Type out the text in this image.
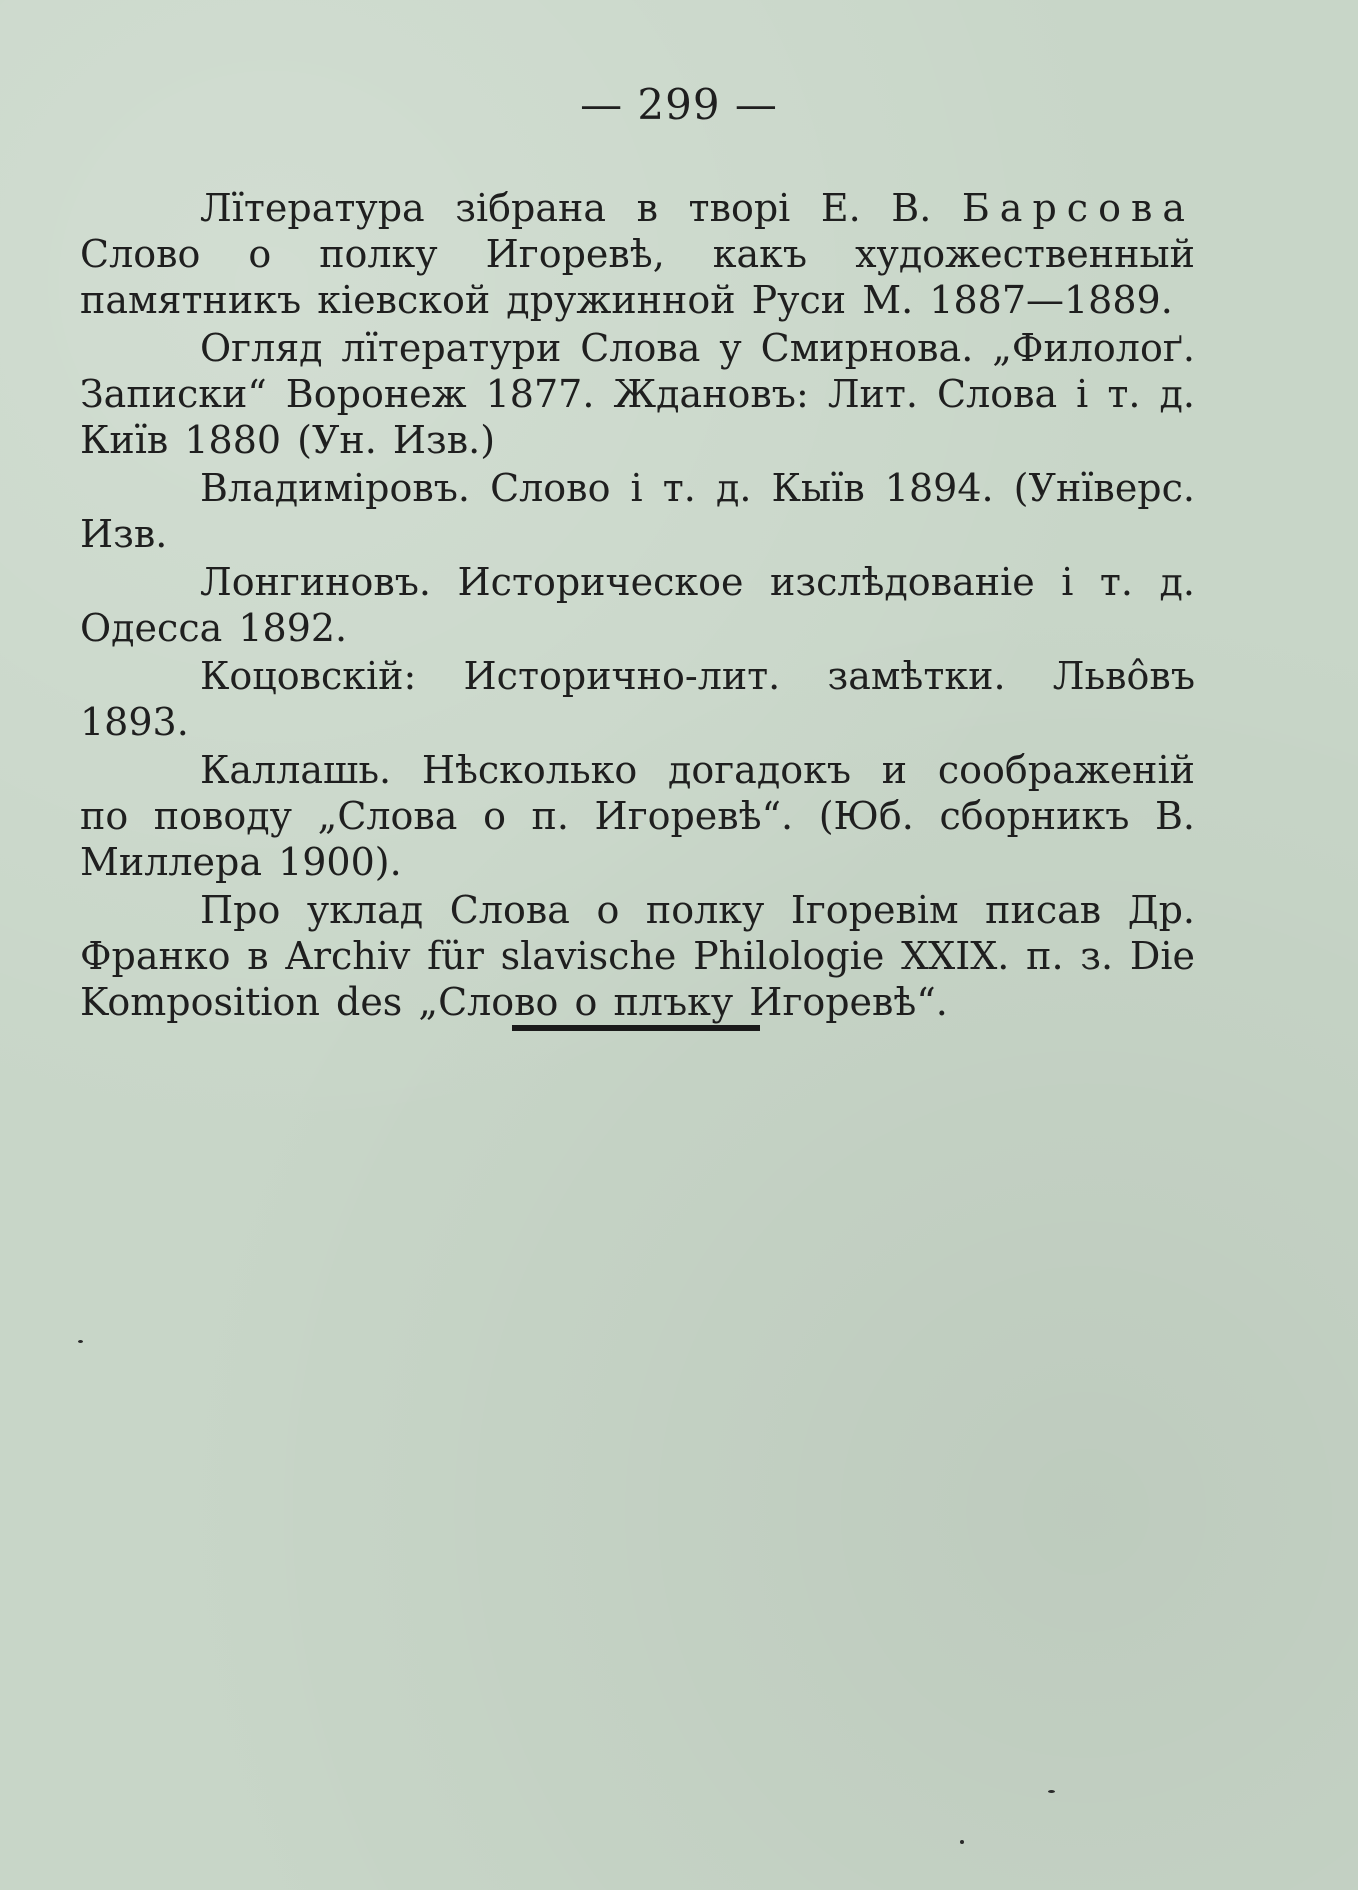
— 299 —

Лїтература зібрана в творі Е. В. Барсова Слово о полку Игоревѣ, какъ художественный памятникъ кіевской дружинной Руси М. 1887—1889.

Огляд лїтератури Слова у Смирнова. „Филолоґ. Записки“ Воронеж 1877. Ждановъ: Лит. Слова і т. д. Київ 1880 (Ун. Изв.)

Владиміровъ. Слово і т. д. Кыїв 1894. (Унїверс. Изв.

Лонгиновъ. Историческое изслѣдованіе і т. д. Одесса 1892.

Коцовскій: Исторично-лит. замѣтки. Львôвъ 1893.

Каллашь. Нѣсколько догадокъ и соображеній по поводу „Слова о п. Игоревѣ“. (Юб. сборникъ В. Миллера 1900).

Про уклад Слова о полку Ігоревім писав Др. Франко в Archiv für slavische Philologie XXIX. п. з. Die Komposition des „Слово о плъку Игоревѣ“.
